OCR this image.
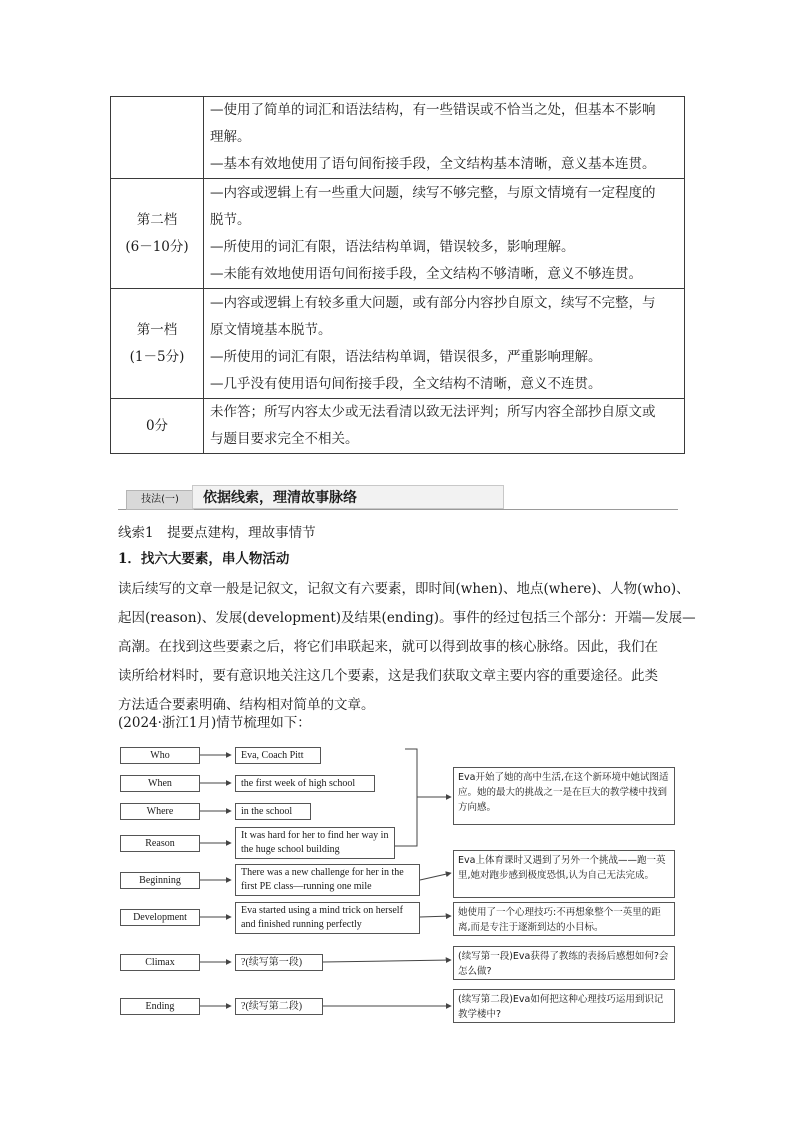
	—使用了简单的词汇和语法结构，有一些错误或不恰当之处，但基本不影响
理解。
—基本有效地使用了语句间衔接手段，全文结构基本清晰，意义基本连贯。

第二档
(6－10分)	—内容或逻辑上有一些重大问题，续写不够完整，与原文情境有一定程度的
脱节。
—所使用的词汇有限，语法结构单调，错误较多，影响理解。
—未能有效地使用语句间衔接手段，全文结构不够清晰，意义不够连贯。

第一档
(1－5分)	—内容或逻辑上有较多重大问题，或有部分内容抄自原文，续写不完整，与
原文情境基本脱节。
—所使用的词汇有限，语法结构单调，错误很多，严重影响理解。
—几乎没有使用语句间衔接手段，全文结构不清晰，意义不连贯。

0分	未作答；所写内容太少或无法看清以致无法评判；所写内容全部抄自原文或
与题目要求完全不相关。
技法(一)	依据线索，理清故事脉络
线索1　提要点建构，理故事情节
1．找六大要素，串人物活动
读后续写的文章一般是记叙文，记叙文有六要素，即时间(when)、地点(where)、人物(who)、
起因(reason)、发展(development)及结果(ending)。事件的经过包括三个部分：开端—发展—
高潮。在找到这些要素之后，将它们串联起来，就可以得到故事的核心脉络。因此，我们在
读所给材料时，要有意识地关注这几个要素，这是我们获取文章主要内容的重要途径。此类
方法适合要素明确、结构相对简单的文章。
(2024·浙江1月)情节梳理如下：
Who
When
Where
Reason
Beginning
Development
Climax
Ending
Eva, Coach Pitt
the first week of high school
in the school
It was hard for her to find her way in the huge school building
There was a new challenge for her in the first PE class—running one mile
Eva started using a mind trick on herself and finished running perfectly
?(续写第一段)
?(续写第二段)
Eva开始了她的高中生活,在这个新环境中她试图适应。她的最大的挑战之一是在巨大的教学楼中找到方向感。
Eva上体育课时又遇到了另外一个挑战——跑一英里,她对跑步感到极度恐惧,认为自己无法完成。
她使用了一个心理技巧:不再想象整个一英里的距离,而是专注于逐渐到达的小目标。
(续写第一段)Eva获得了教练的表扬后感想如何?会怎么做?
(续写第二段)Eva如何把这种心理技巧运用到识记教学楼中?
